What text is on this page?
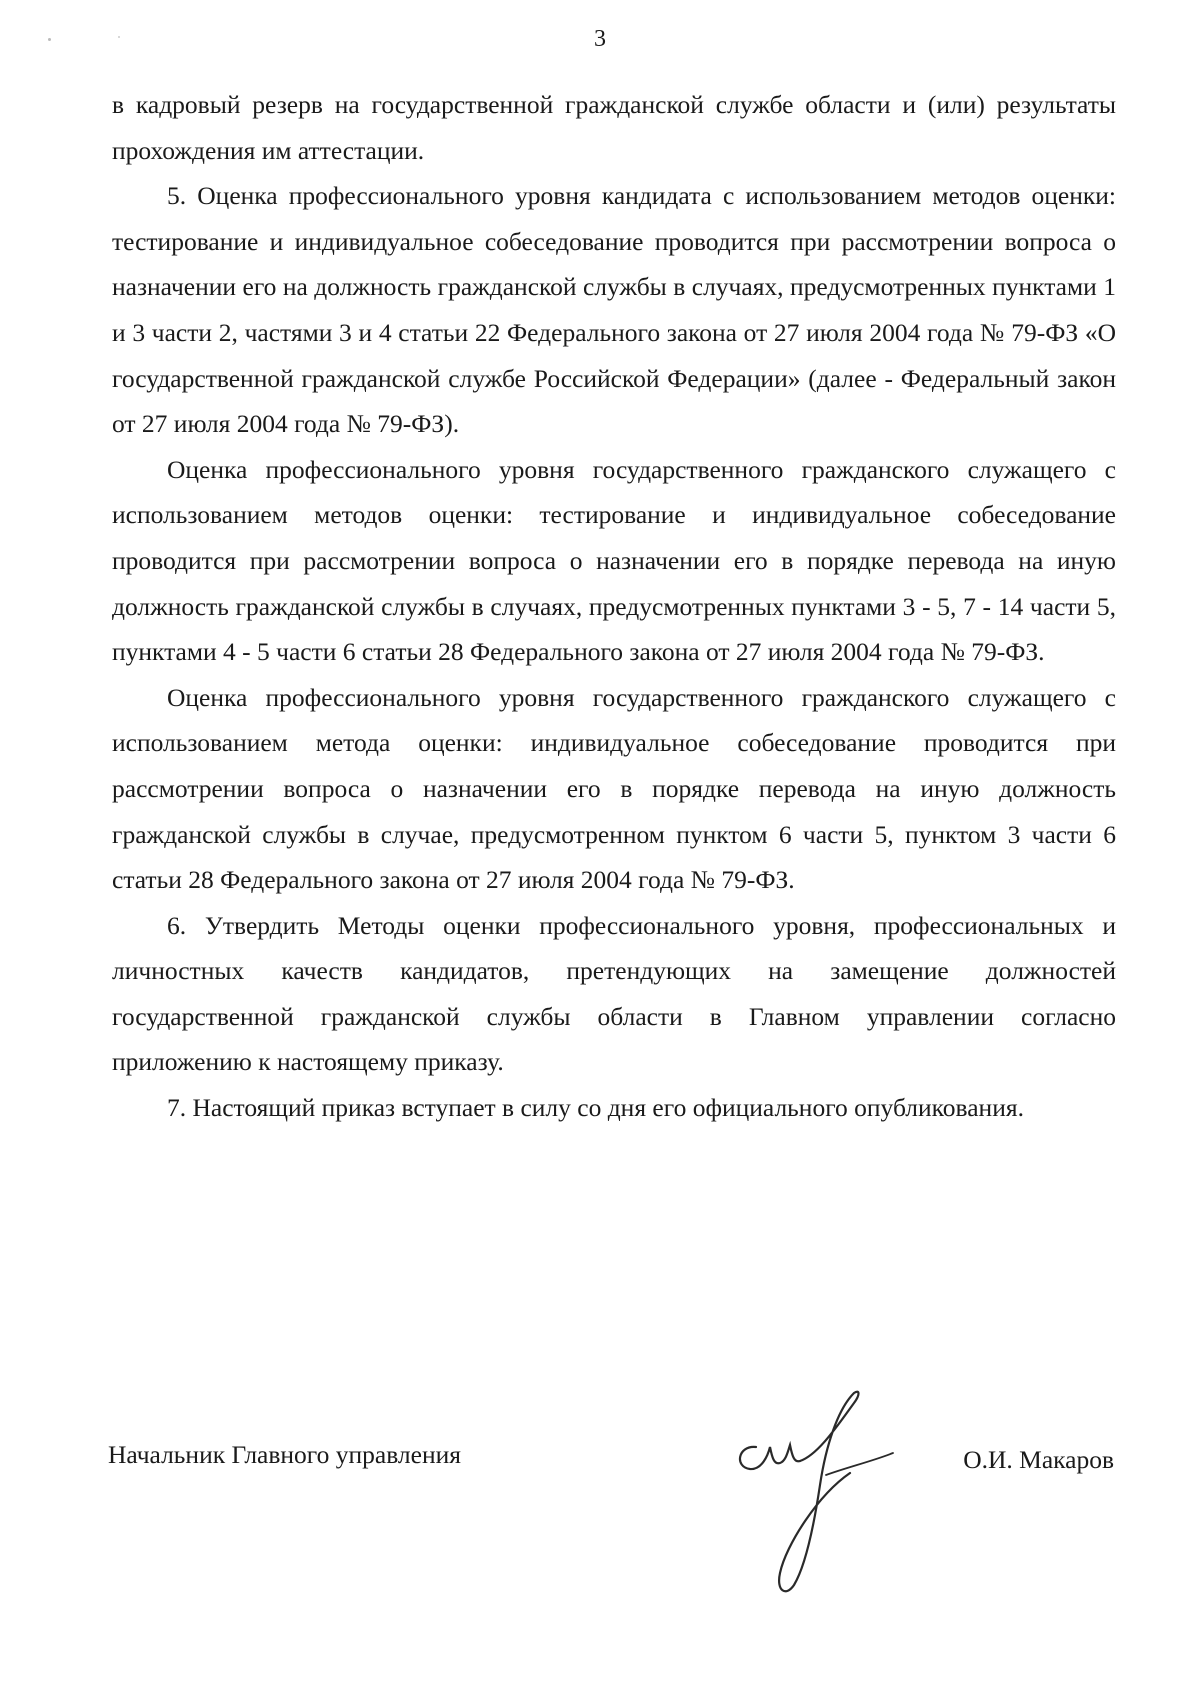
3

в кадровый резерв на государственной гражданской службе области и (или) результаты прохождения им аттестации.

5. Оценка профессионального уровня кандидата с использованием методов оценки: тестирование и индивидуальное собеседование проводится при рассмотрении вопроса о назначении его на должность гражданской службы в случаях, предусмотренных пунктами 1 и 3 части 2, частями 3 и 4 статьи 22 Федерального закона от 27 июля 2004 года № 79-ФЗ «О государственной гражданской службе Российской Федерации» (далее - Федеральный закон от 27 июля 2004 года № 79-ФЗ).

Оценка профессионального уровня государственного гражданского служащего с использованием методов оценки: тестирование и индивидуальное собеседование проводится при рассмотрении вопроса о назначении его в порядке перевода на иную должность гражданской службы в случаях, предусмотренных пунктами 3 - 5, 7 - 14 части 5, пунктами 4 - 5 части 6 статьи 28 Федерального закона от 27 июля 2004 года № 79-ФЗ.

Оценка профессионального уровня государственного гражданского служащего с использованием метода оценки: индивидуальное собеседование проводится при рассмотрении вопроса о назначении его в порядке перевода на иную должность гражданской службы в случае, предусмотренном пунктом 6 части 5, пунктом 3 части 6 статьи 28 Федерального закона от 27 июля 2004 года № 79-ФЗ.

6. Утвердить Методы оценки профессионального уровня, профессиональных и личностных качеств кандидатов, претендующих на замещение должностей государственной гражданской службы области в Главном управлении согласно приложению к настоящему приказу.

7. Настоящий приказ вступает в силу со дня его официального опубликования.

Начальник Главного управления	О.И. Макаров
